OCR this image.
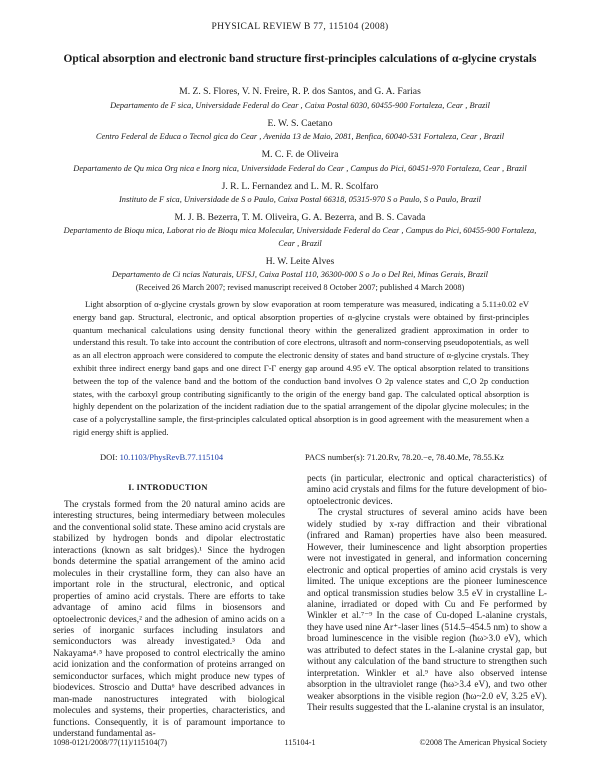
PHYSICAL REVIEW B 77, 115104 (2008)
Optical absorption and electronic band structure first-principles calculations of α-glycine crystals
M. Z. S. Flores, V. N. Freire, R. P. dos Santos, and G. A. Farias
Departamento de F sica, Universidade Federal do Cear , Caixa Postal 6030, 60455-900 Fortaleza, Cear , Brazil
E. W. S. Caetano
Centro Federal de Educa o Tecnol gica do Cear , Avenida 13 de Maio, 2081, Benfica, 60040-531 Fortaleza, Cear , Brazil
M. C. F. de Oliveira
Departamento de Qu mica Org nica e Inorg nica, Universidade Federal do Cear , Campus do Pici, 60451-970 Fortaleza, Cear , Brazil
J. R. L. Fernandez and L. M. R. Scolfaro
Instituto de F sica, Universidade de S o Paulo, Caixa Postal 66318, 05315-970 S o Paulo, S o Paulo, Brazil
M. J. B. Bezerra, T. M. Oliveira, G. A. Bezerra, and B. S. Cavada
Departamento de Bioqu mica, Laborat rio de Bioqu mica Molecular, Universidade Federal do Cear , Campus do Pici, 60455-900 Fortaleza, Cear , Brazil
H. W. Leite Alves
Departamento de Ci ncias Naturais, UFSJ, Caixa Postal 110, 36300-000 S o Jo o Del Rei, Minas Gerais, Brazil
(Received 26 March 2007; revised manuscript received 8 October 2007; published 4 March 2008)

Light absorption of α-glycine crystals grown by slow evaporation at room temperature was measured, indicating a 5.11±0.02 eV energy band gap. Structural, electronic, and optical absorption properties of α-glycine crystals were obtained by first-principles quantum mechanical calculations using density functional theory within the generalized gradient approximation in order to understand this result. To take into account the contribution of core electrons, ultrasoft and norm-conserving pseudopotentials, as well as an all electron approach were considered to compute the electronic density of states and band structure of α-glycine crystals. They exhibit three indirect energy band gaps and one direct Γ-Γ energy gap around 4.95 eV. The optical absorption related to transitions between the top of the valence band and the bottom of the conduction band involves O 2p valence states and C,O 2p conduction states, with the carboxyl group contributing significantly to the origin of the energy band gap. The calculated optical absorption is highly dependent on the polarization of the incident radiation due to the spatial arrangement of the dipolar glycine molecules; in the case of a polycrystalline sample, the first-principles calculated optical absorption is in good agreement with the measurement when a rigid energy shift is applied.

DOI: 10.1103/PhysRevB.77.115104	PACS number(s): 71.20.Rv, 78.20.−e, 78.40.Me, 78.55.Kz
I. INTRODUCTION

The crystals formed from the 20 natural amino acids are interesting structures, being intermediary between molecules and the conventional solid state. These amino acid crystals are stabilized by hydrogen bonds and dipolar electrostatic interactions (known as salt bridges).¹ Since the hydrogen bonds determine the spatial arrangement of the amino acid molecules in their crystalline form, they can also have an important role in the structural, electronic, and optical properties of amino acid crystals. There are efforts to take advantage of amino acid films in biosensors and optoelectronic devices,² and the adhesion of amino acids on a series of inorganic surfaces including insulators and semiconductors was already investigated.³ Oda and Nakayama⁴˒⁵ have proposed to control electrically the amino acid ionization and the conformation of proteins arranged on semiconductor surfaces, which might produce new types of biodevices. Stroscio and Dutta⁶ have described advances in man-made nanostructures integrated with biological molecules and systems, their properties, characteristics, and functions. Consequently, it is of paramount importance to understand fundamental as-

pects (in particular, electronic and optical characteristics) of amino acid crystals and films for the future development of bio-optoelectronic devices.

The crystal structures of several amino acids have been widely studied by x-ray diffraction and their vibrational (infrared and Raman) properties have also been measured. However, their luminescence and light absorption properties were not investigated in general, and information concerning electronic and optical properties of amino acid crystals is very limited. The unique exceptions are the pioneer luminescence and optical transmission studies below 3.5 eV in crystalline L-alanine, irradiated or doped with Cu and Fe performed by Winkler et al.⁷⁻⁹ In the case of Cu-doped L-alanine crystals, they have used nine Ar⁺-laser lines (514.5–454.5 nm) to show a broad luminescence in the visible region (ħω>3.0 eV), which was attributed to defect states in the L-alanine crystal gap, but without any calculation of the band structure to strengthen such interpretation. Winkler et al.⁹ have also observed intense absorption in the ultraviolet range (ħω>3.4 eV), and two other weaker absorptions in the visible region (ħω~2.0 eV, 3.25 eV). Their results suggested that the L-alanine crystal is an insulator,

1098-0121/2008/77(11)/115104(7)	115104-1	©2008 The American Physical Society
